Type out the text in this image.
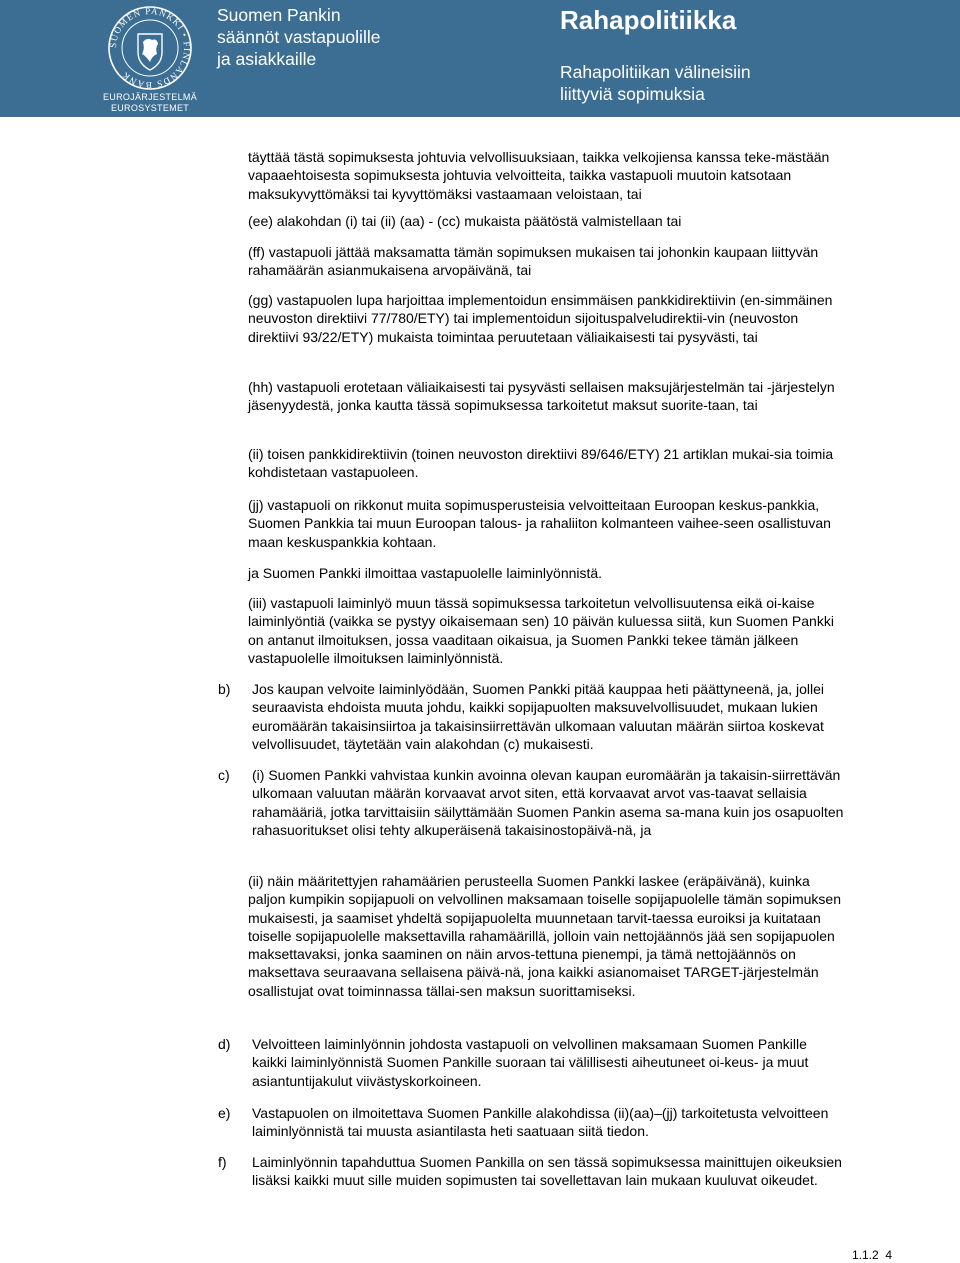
SUOMEN PANKKI • FINLANDS BANK
EUROJÄRJESTELMÄ
EUROSYSTEMET
Suomen Pankin
säännöt vastapuolille
ja asiakkaille
Rahapolitiikka
Rahapolitiikan välineisiin
liittyviä sopimuksia

täyttää tästä sopimuksesta johtuvia velvollisuuksiaan, taikka velkojiensa kanssa teke-mästään vapaaehtoisesta sopimuksesta johtuvia velvoitteita, taikka vastapuoli muutoin katsotaan maksukyvyttömäksi tai kyvyttömäksi vastaamaan veloistaan, tai

(ee) alakohdan (i) tai (ii) (aa) - (cc) mukaista päätöstä valmistellaan tai

(ff) vastapuoli jättää maksamatta tämän sopimuksen mukaisen tai johonkin kaupaan liittyvän rahamäärän asianmukaisena arvopäivänä, tai

(gg) vastapuolen lupa harjoittaa implementoidun ensimmäisen pankkidirektiivin (en-simmäinen neuvoston direktiivi 77/780/ETY) tai implementoidun sijoituspalveludirektii-vin (neuvoston direktiivi 93/22/ETY) mukaista toimintaa peruutetaan väliaikaisesti tai pysyvästi, tai

(hh) vastapuoli erotetaan väliaikaisesti tai pysyvästi sellaisen maksujärjestelmän tai -järjestelyn jäsenyydestä, jonka kautta tässä sopimuksessa tarkoitetut maksut suorite-taan, tai

(ii) toisen pankkidirektiivin (toinen neuvoston direktiivi 89/646/ETY) 21 artiklan mukai-sia toimia kohdistetaan vastapuoleen.

(jj) vastapuoli on rikkonut muita sopimusperusteisia velvoitteitaan Euroopan keskus-pankkia, Suomen Pankkia tai muun Euroopan talous- ja rahaliiton kolmanteen vaihee-seen osallistuvan maan keskuspankkia kohtaan.

ja Suomen Pankki ilmoittaa vastapuolelle laiminlyönnistä.

(iii) vastapuoli laiminlyö muun tässä sopimuksessa tarkoitetun velvollisuutensa eikä oi-kaise laiminlyöntiä (vaikka se pystyy oikaisemaan sen) 10 päivän kuluessa siitä, kun Suomen Pankki on antanut ilmoituksen, jossa vaaditaan oikaisua, ja Suomen Pankki tekee tämän jälkeen vastapuolelle ilmoituksen laiminlyönnistä.

b) Jos kaupan velvoite laiminlyödään, Suomen Pankki pitää kauppaa heti päättyneenä, ja, jollei seuraavista ehdoista muuta johdu, kaikki sopijapuolten maksuvelvollisuudet, mukaan lukien euromäärän takaisinsiirtoa ja takaisinsiirrettävän ulkomaan valuutan määrän siirtoa koskevat velvollisuudet, täytetään vain alakohdan (c) mukaisesti.
c) (i) Suomen Pankki vahvistaa kunkin avoinna olevan kaupan euromäärän ja takaisin-siirrettävän ulkomaan valuutan määrän korvaavat arvot siten, että korvaavat arvot vas-taavat sellaisia rahamääriä, jotka tarvittaisiin säilyttämään Suomen Pankin asema sa-mana kuin jos osapuolten rahasuoritukset olisi tehty alkuperäisenä takaisinostopäivä-nä, ja

(ii) näin määritettyjen rahamäärien perusteella Suomen Pankki laskee (eräpäivänä), kuinka paljon kumpikin sopijapuoli on velvollinen maksamaan toiselle sopijapuolelle tämän sopimuksen mukaisesti, ja saamiset yhdeltä sopijapuolelta muunnetaan tarvit-taessa euroiksi ja kuitataan toiselle sopijapuolelle maksettavilla rahamäärillä, jolloin vain nettojäännös jää sen sopijapuolen maksettavaksi, jonka saaminen on näin arvos-tettuna pienempi, ja tämä nettojäännös on maksettava seuraavana sellaisena päivä-nä, jona kaikki asianomaiset TARGET-järjestelmän osallistujat ovat toiminnassa tällai-sen maksun suorittamiseksi.

d) Velvoitteen laiminlyönnin johdosta vastapuoli on velvollinen maksamaan Suomen Pankille kaikki laiminlyönnistä Suomen Pankille suoraan tai välillisesti aiheutuneet oi-keus- ja muut asiantuntijakulut viivästyskorkoineen.
e) Vastapuolen on ilmoitettava Suomen Pankille alakohdissa (ii)(aa)–(jj) tarkoitetusta velvoitteen laiminlyönnistä tai muusta asiantilasta heti saatuaan siitä tiedon.
f) Laiminlyönnin tapahduttua Suomen Pankilla on sen tässä sopimuksessa mainittujen oikeuksien lisäksi kaikki muut sille muiden sopimusten tai sovellettavan lain mukaan kuuluvat oikeudet.
1.1.2 4
